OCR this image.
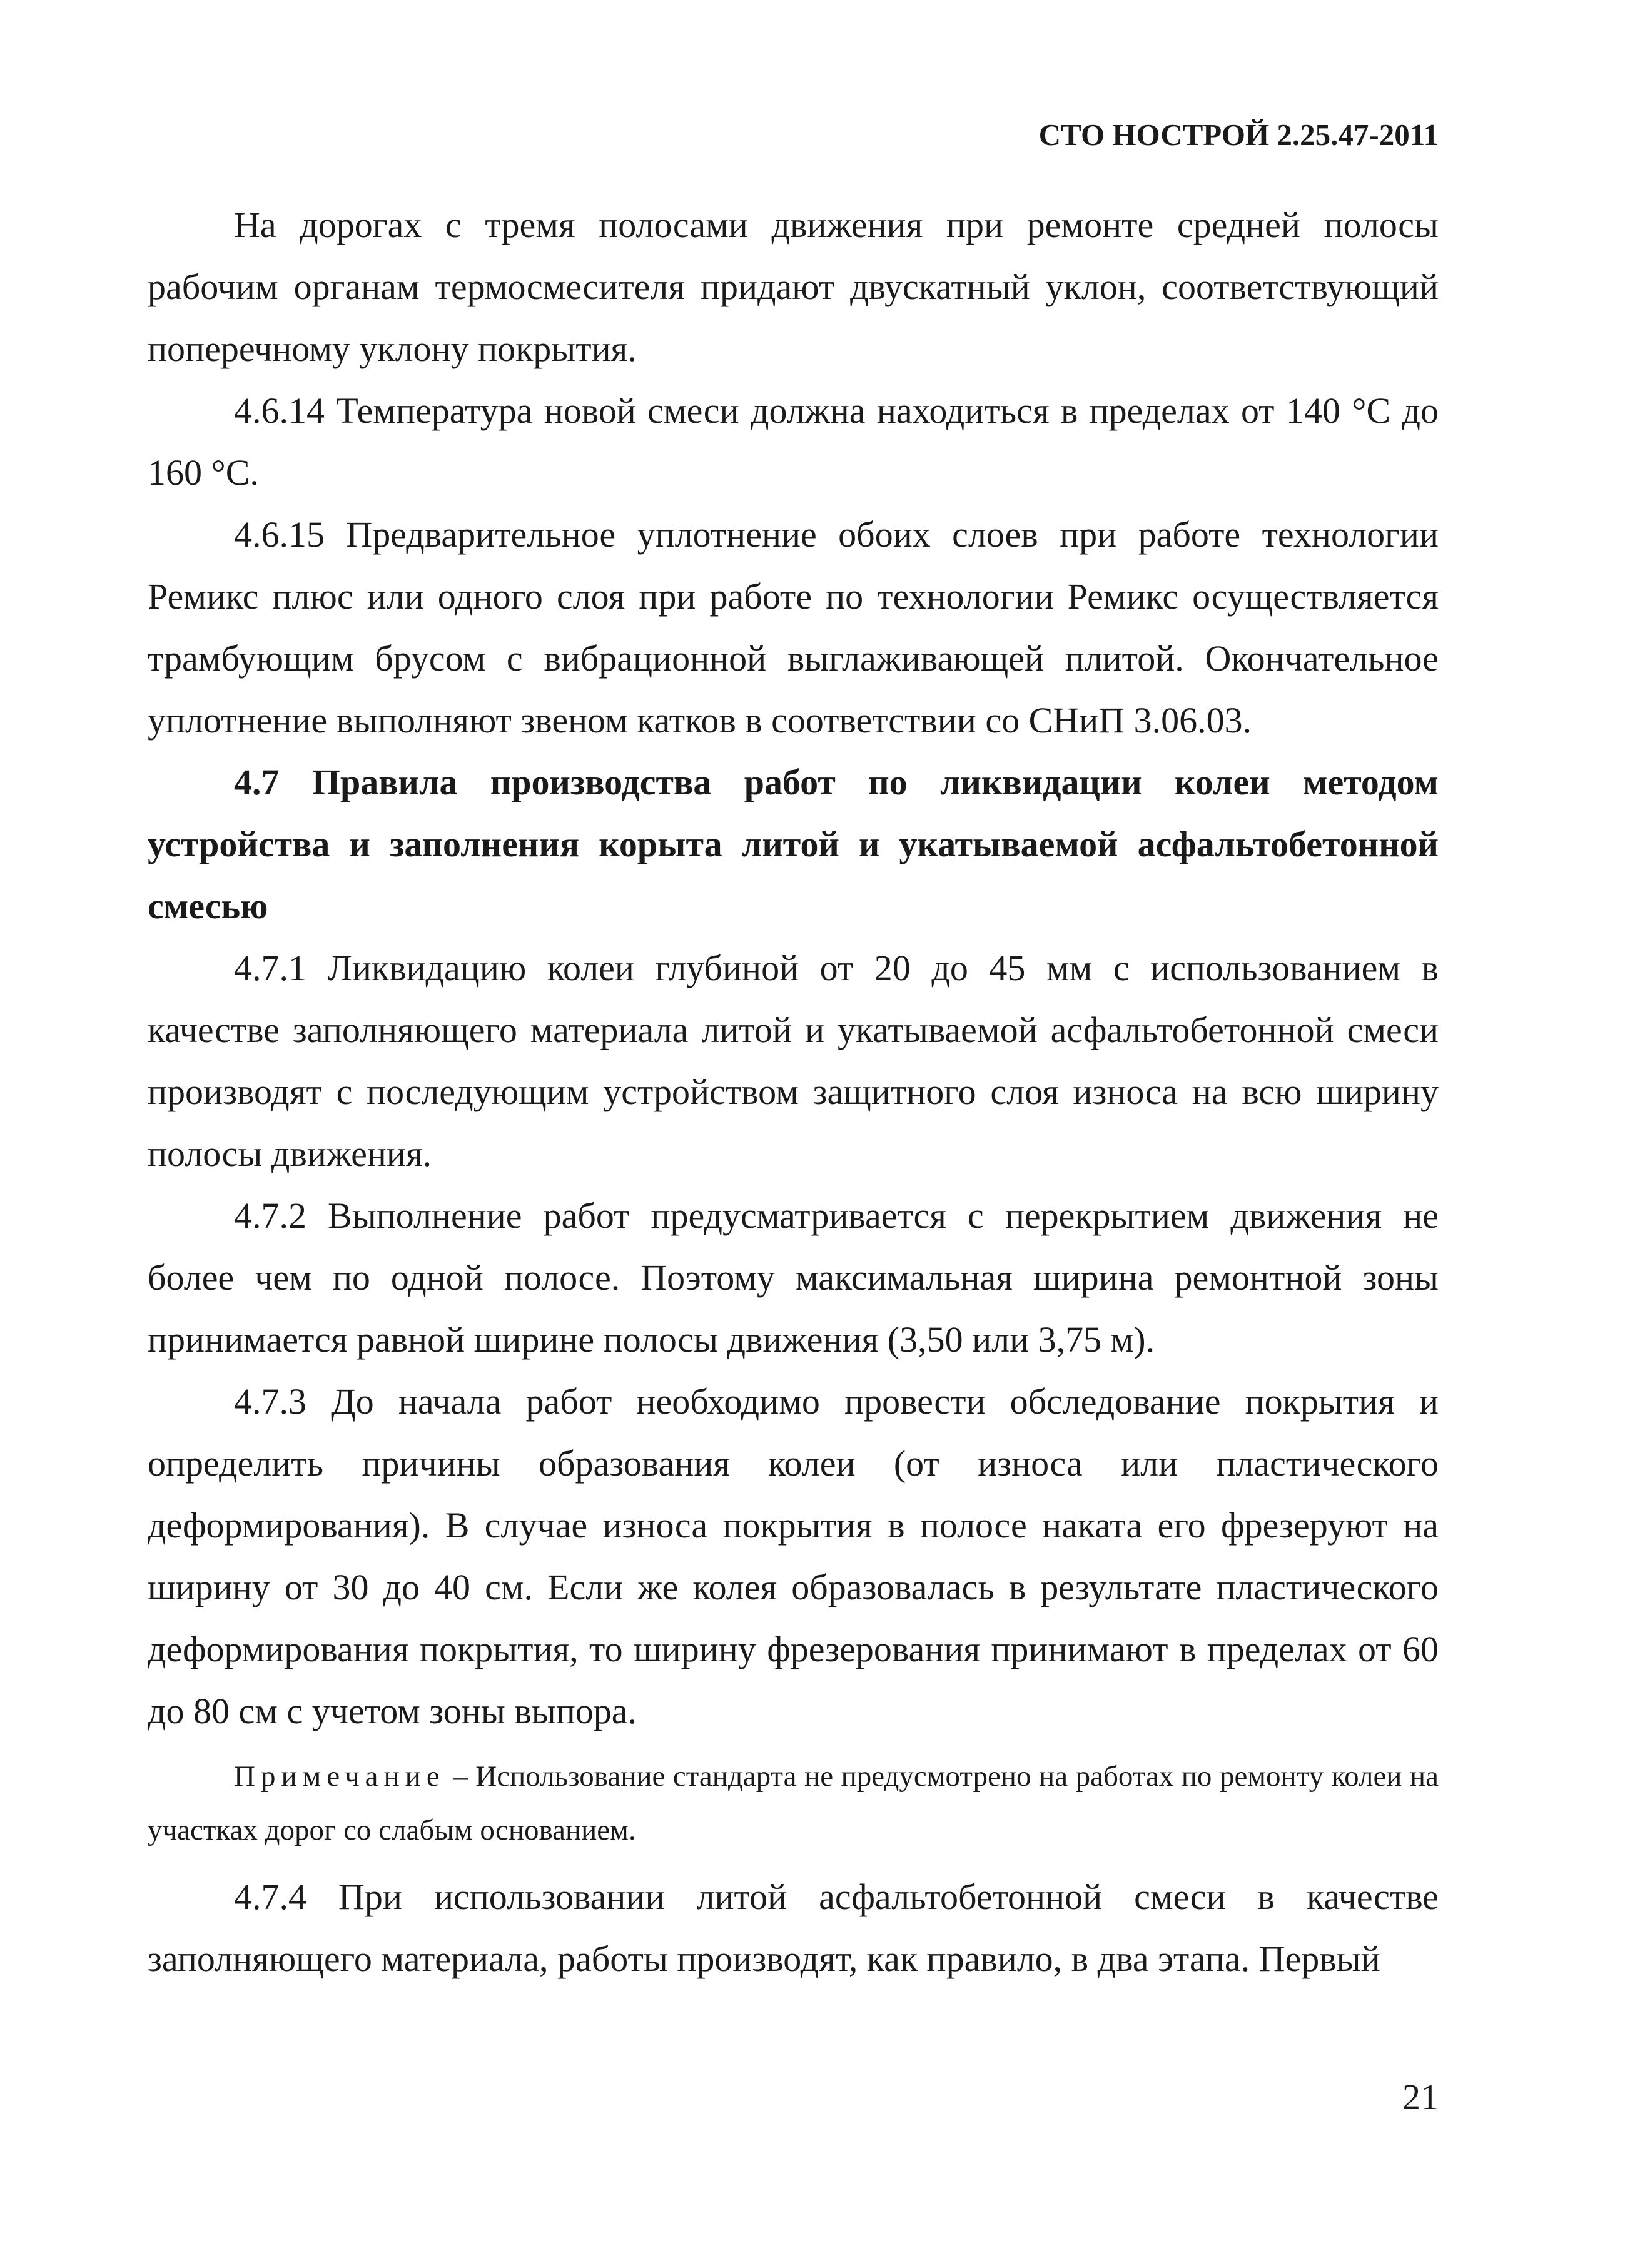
СТО НОСТРОЙ 2.25.47-2011

На дорогах с тремя полосами движения при ремонте средней полосы рабочим органам термосмесителя придают двускатный уклон, соответствующий поперечному уклону покрытия.

4.6.14 Температура новой смеси должна находиться в пределах от 140 °С до 160 °С.

4.6.15 Предварительное уплотнение обоих слоев при работе технологии Ремикс плюс или одного слоя при работе по технологии Ремикс осуществляется трамбующим брусом с вибрационной выглаживающей плитой. Окончательное уплотнение выполняют звеном катков в соответствии со СНиП 3.06.03.

4.7 Правила производства работ по ликвидации колеи методом устройства и заполнения корыта литой и укатываемой асфальтобетонной смесью

4.7.1 Ликвидацию колеи глубиной от 20 до 45 мм с использованием в качестве заполняющего материала литой и укатываемой асфальтобетонной смеси производят с последующим устройством защитного слоя износа на всю ширину полосы движения.

4.7.2 Выполнение работ предусматривается с перекрытием движения не более чем по одной полосе. Поэтому максимальная ширина ремонтной зоны принимается равной ширине полосы движения (3,50 или 3,75 м).

4.7.3 До начала работ необходимо провести обследование покрытия и определить причины образования колеи (от износа или пластического деформирования). В случае износа покрытия в полосе наката его фрезеруют на ширину от 30 до 40 см. Если же колея образовалась в результате пластического деформирования покрытия, то ширину фрезерования принимают в пределах от 60 до 80 см с учетом зоны выпора.

Примечание – Использование стандарта не предусмотрено на работах по ремонту колеи на участках дорог со слабым основанием.

4.7.4 При использовании литой асфальтобетонной смеси в качестве заполняющего материала, работы производят, как правило, в два этапа. Первый

21
